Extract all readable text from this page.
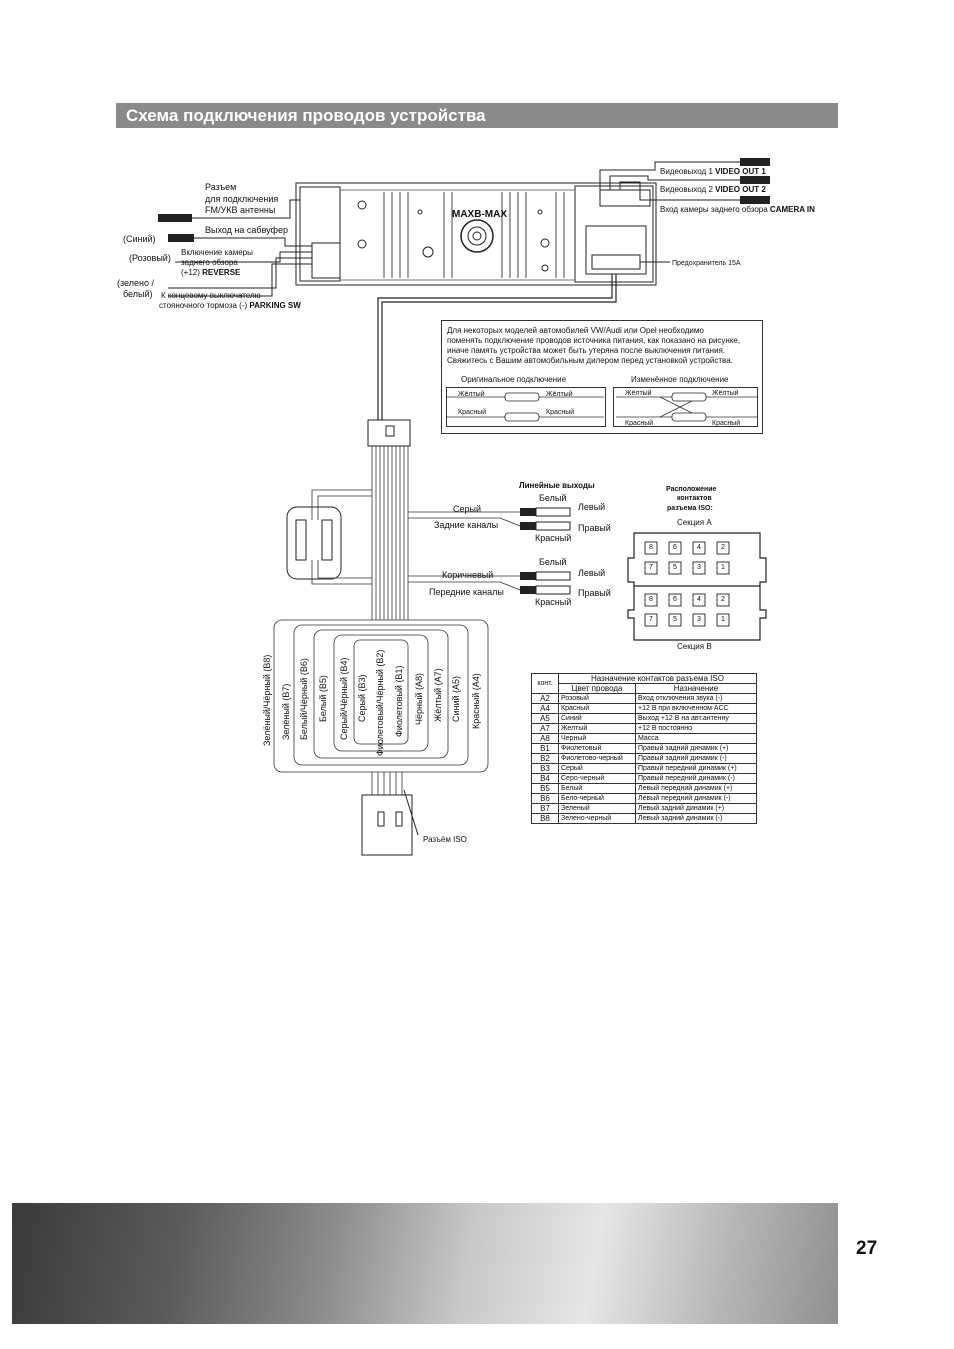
Схема подключения проводов устройства
MAXB-MAX
Разъем
для подключения
FM/УКВ антенны
Выход на сабвуфер
(Синий)
(Розовый)
Включение камеры
заднего обзора
(+12) REVERSE
(зелено /
белый) К концевому выключателю
стояночного тормоза (-) PARKING SW
Видеовыход 1 VIDEO OUT 1
Видеовыход 2 VIDEO OUT 2
Вход камеры заднего обзора CAMERA IN
Предохранитель 15А
Для некоторых моделей автомобилей VW/Audi или Opel необходимо
поменять подключение проводов источника питания, как показано на рисунке,
иначе память устройства может быть утеряна после выключения питания.
Свяжитесь с Вашим автомобильным дилером перед установкой устройства.
Оригинальное подключение	Изменённое подключение
Жёлтый	Жёлтый
Красный	Красный
Жёлтый	Жёлтый
Красный	Красный
Линейные выходы
Белый
Левый
Правый
Красный
Серый
Задние каналы
Белый
Левый
Правый
Красный
Коричневый
Передние каналы
Расположение
контактов
разъема ISO:
Секция А
Секция В
8	6	4	2
7	5	3	1
8	6	4	2
7	5	3	1
Зелёный/Чёрный (B8) Зелёный (B7) Белый/Чёрный (B6) Белый (B5) Серый/Чёрный (B4) Серый (B3) Фиолетовый/Чёрный (B2) Фиолетовый (B1) Чёрный (A8) Жёлтый (A7) Синий (A5) Красный (A4)
Разъём ISO
конт.	Назначение контактов разъема ISO	
	Цвет провода	Назначение
A2	Розовый	Вход отключения звука (-)
A4	Красный	+12 В при включенном АСС
A5	Синий	Выход +12 В на авт.антенну
A7	Желтый	+12 В постоянно
A8	Черный	Масса
B1	Фиолетовый	Правый задний динамик (+)
B2	Фиолетово-черный	Правый задний динамик (-)
B3	Серый	Правый передний динамик (+)
B4	Серо-черный	Правый передний динамик (-)
B5	Белый	Левый передний динамик (+)
B6	Бело-черный	Левый передний динамик (-)
B7	Зеленый	Левый задний динамик (+)
B8	Зелено-черный	Левый задний динамик (-)
27
